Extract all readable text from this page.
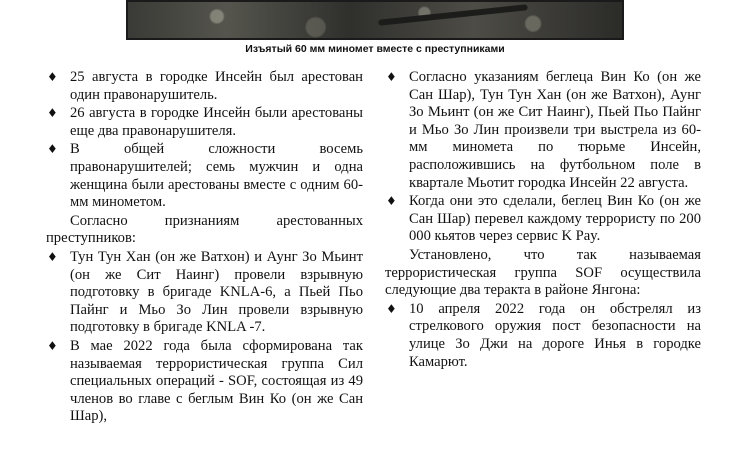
Изъятый 60 мм миномет вместе с преступниками
♦ 25 августа в городке Инсейн был арестован один правонарушитель.
♦ 26 августа в городке Инсейн были арестованы еще два правонарушителя.
♦ В общей сложности восемь правонарушителей; семь мужчин и одна женщина были арестованы вместе с одним 60-мм минометом.

Согласно признаниям арестованных преступников:

♦ Тун Тун Хан (он же Ватхон) и Аунг Зо Мьинт (он же Сит Наинг) провели взрывную подготовку в бригаде KNLA-6, а Пьей Пьо Пайнг и Мьо Зо Лин провели взрывную подготовку в бригаде KNLA -7.
♦ В мае 2022 года была сформирована так называемая террористическая группа Сил специальных операций - SOF, состоящая из 49 членов во главе с беглым Вин Ко (он же Сан Шар),
♦ Согласно указаниям беглеца Вин Ко (он же Сан Шар), Тун Тун Хан (он же Ватхон), Аунг Зо Мьинт (он же Сит Наинг), Пьей Пьо Пайнг и Мьо Зо Лин произвели три выстрела из 60-мм миномета по тюрьме Инсейн, расположившись на футбольном поле в квартале Мьотит городка Инсейн 22 августа.
♦ Когда они это сделали, беглец Вин Ко (он же Сан Шар) перевел каждому террористу по 200 000 кьятов через сервис K Pay.

Установлено, что так называемая террористическая группа SOF осуществила следующие два теракта в районе Янгона:

♦ 10 апреля 2022 года он обстрелял из стрелкового оружия пост безопасности на улице Зо Джи на дороге Инья в городке Камарют.
